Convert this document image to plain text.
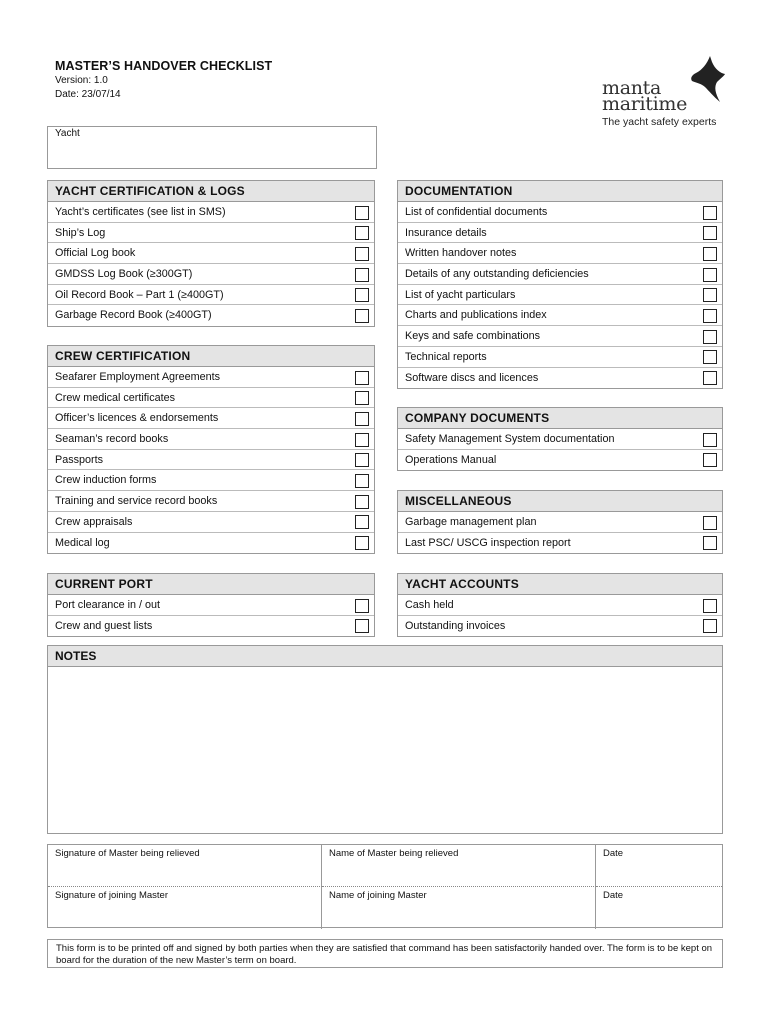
MASTER’S HANDOVER CHECKLIST
Version: 1.0
Date: 23/07/14	manta
maritime
The yacht safety experts
Yacht
YACHT CERTIFICATION & LOGS
Yacht’s certificates (see list in SMS)
Ship’s Log
Official Log book
GMDSS Log Book (≥300GT)
Oil Record Book – Part 1 (≥400GT)
Garbage Record Book (≥400GT)
CREW CERTIFICATION
Seafarer Employment Agreements
Crew medical certificates
Officer’s licences & endorsements
Seaman’s record books
Passports
Crew induction forms
Training and service record books
Crew appraisals
Medical log
CURRENT PORT
Port clearance in / out
Crew and guest lists
DOCUMENTATION
List of confidential documents
Insurance details
Written handover notes
Details of any outstanding deficiencies
List of yacht particulars
Charts and publications index
Keys and safe combinations
Technical reports
Software discs and licences
COMPANY DOCUMENTS
Safety Management System documentation
Operations Manual
MISCELLANEOUS
Garbage management plan
Last PSC/ USCG inspection report
YACHT ACCOUNTS
Cash held
Outstanding invoices
NOTES
Signature of Master being relieved	Name of Master being relieved	Date
Signature of joining Master	Name of joining Master	Date
This form is to be printed off and signed by both parties when they are satisfied that command has been satisfactorily handed over. The form is to be kept on board for the duration of the new Master’s term on board.
